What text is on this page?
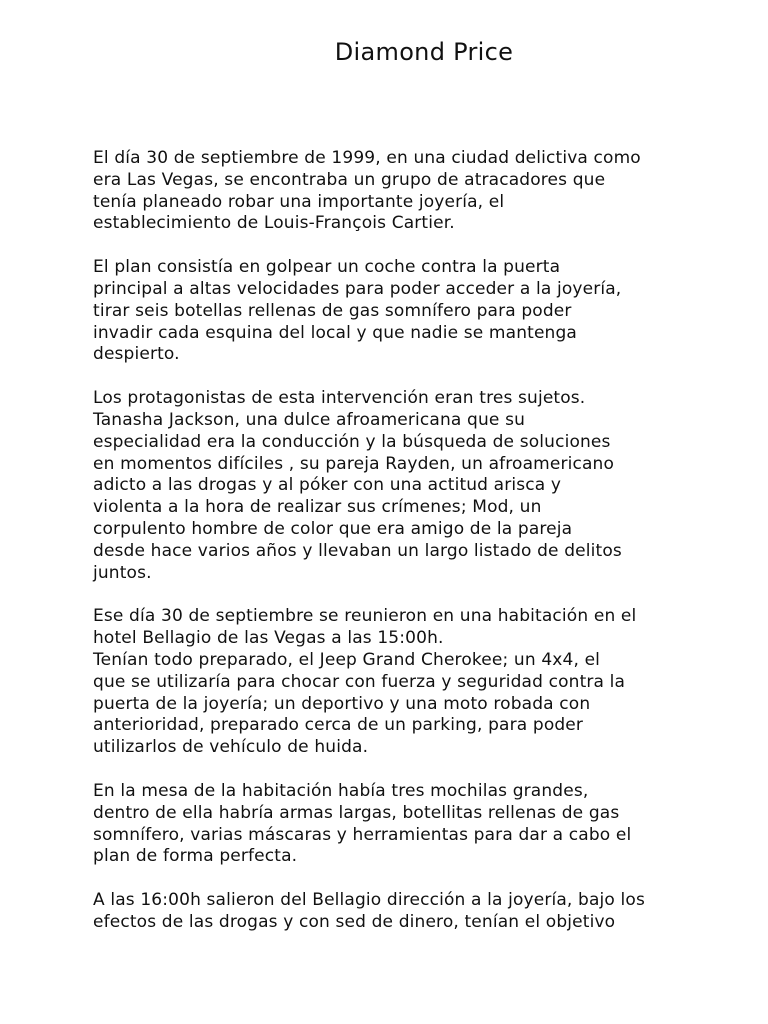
Diamond Price

El día 30 de septiembre de 1999, en una ciudad delictiva como
era Las Vegas, se encontraba un grupo de atracadores que
tenía planeado robar una importante joyería, el
establecimiento de Louis-François Cartier.

El plan consistía en golpear un coche contra la puerta
principal a altas velocidades para poder acceder a la joyería,
tirar seis botellas rellenas de gas somnífero para poder
invadir cada esquina del local y que nadie se mantenga
despierto.

Los protagonistas de esta intervención eran tres sujetos.
Tanasha Jackson, una dulce afroamericana que su
especialidad era la conducción y la búsqueda de soluciones
en momentos difíciles , su pareja Rayden, un afroamericano
adicto a las drogas y al póker con una actitud arisca y
violenta a la hora de realizar sus crímenes; Mod, un
corpulento hombre de color que era amigo de la pareja
desde hace varios años y llevaban un largo listado de delitos
juntos.

Ese día 30 de septiembre se reunieron en una habitación en el
hotel Bellagio de las Vegas a las 15:00h.
Tenían todo preparado, el Jeep Grand Cherokee; un 4x4, el
que se utilizaría para chocar con fuerza y seguridad contra la
puerta de la joyería; un deportivo y una moto robada con
anterioridad, preparado cerca de un parking, para poder
utilizarlos de vehículo de huida.

En la mesa de la habitación había tres mochilas grandes,
dentro de ella habría armas largas, botellitas rellenas de gas
somnífero, varias máscaras y herramientas para dar a cabo el
plan de forma perfecta.

A las 16:00h salieron del Bellagio dirección a la joyería, bajo los
efectos de las drogas y con sed de dinero, tenían el objetivo
